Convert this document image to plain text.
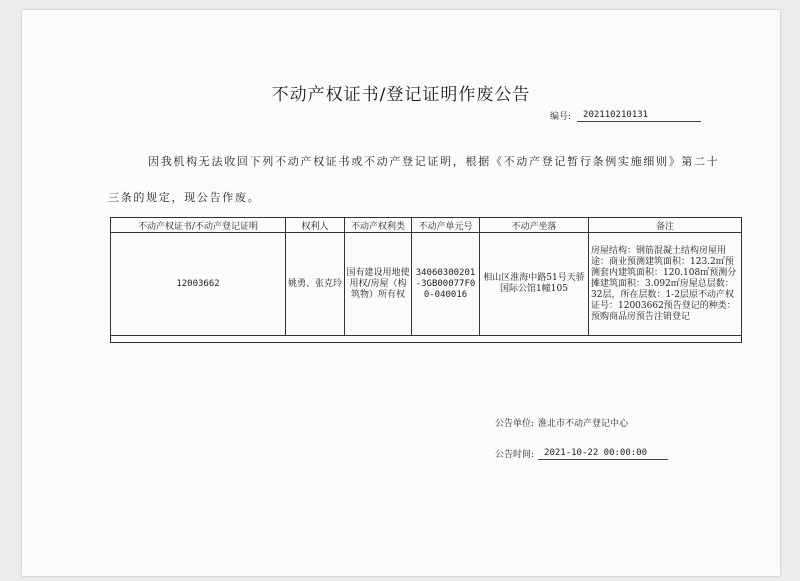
不动产权证书/登记证明作废公告
编号:	202110210131
因我机构无法收回下列不动产权证书或不动产登记证明，根据《不动产登记暂行条例实施细则》第二十三条的规定，现公告作废。
不动产权证书/不动产登记证明	权利人	不动产权利类	不动产单元号	不动产坐落	备注
12003662	姚勇、张克玲	国有建设用地使用权/房屋（构筑物）所有权	34060300201-3GB00077F00-040016	相山区淮海中路51号天骄国际公馆1幢105	房屋结构：钢筋混凝土结构房屋用途：商业预测建筑面积：123.2㎡预测套内建筑面积：120.108㎡预测分摊建筑面积：3.092㎡房屋总层数：32层，所在层数：1-2层原不动产权证号：12003662预告登记的种类：预购商品房预告注销登记

公告单位: 淮北市不动产登记中心
公告时间:	2021-10-22 00:00:00
